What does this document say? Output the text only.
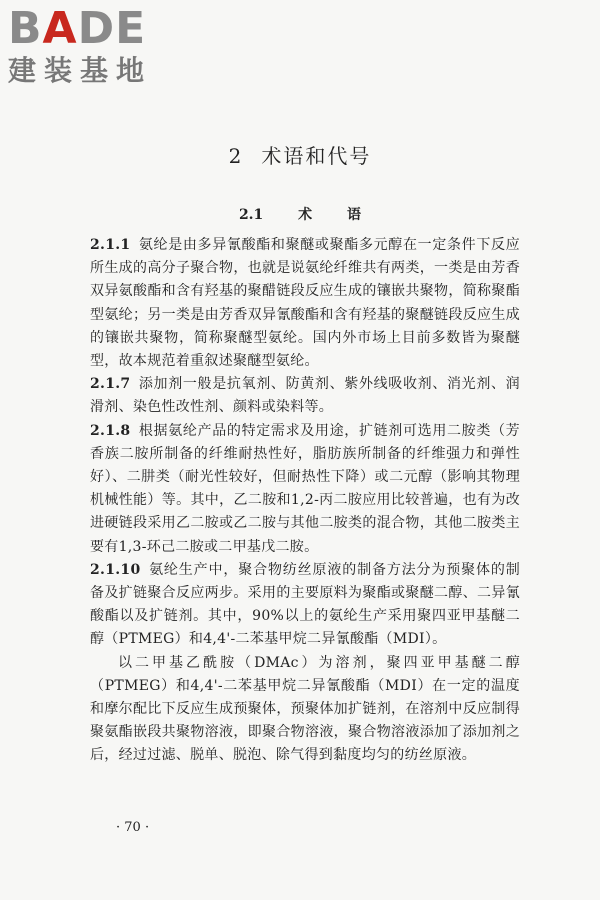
BADE
建装基地
2 术语和代号
2.1 术 语

2.1.1 氨纶是由多异氰酸酯和聚醚或聚酯多元醇在一定条件下反应所生成的高分子聚合物，也就是说氨纶纤维共有两类，一类是由芳香双异氨酸酯和含有羟基的聚醋链段反应生成的镶嵌共聚物，简称聚酯型氨纶；另一类是由芳香双异氰酸酯和含有羟基的聚醚链段反应生成的镶嵌共聚物，简称聚醚型氨纶。国内外市场上目前多数皆为聚醚型，故本规范着重叙述聚醚型氨纶。

2.1.7 添加剂一般是抗氧剂、防黄剂、紫外线吸收剂、消光剂、润滑剂、染色性改性剂、颜料或染料等。

2.1.8 根据氨纶产品的特定需求及用途，扩链剂可选用二胺类（芳香族二胺所制备的纤维耐热性好，脂肪族所制备的纤维强力和弹性好）、二肼类（耐光性较好，但耐热性下降）或二元醇（影响其物理机械性能）等。其中，乙二胺和1,2-丙二胺应用比较普遍，也有为改进硬链段采用乙二胺或乙二胺与其他二胺类的混合物，其他二胺类主要有1,3-环己二胺或二甲基戊二胺。

2.1.10 氨纶生产中，聚合物纺丝原液的制备方法分为预聚体的制备及扩链聚合反应两步。采用的主要原料为聚酯或聚醚二醇、二异氰酸酯以及扩链剂。其中，90%以上的氨纶生产采用聚四亚甲基醚二醇（PTMEG）和4,4'-二苯基甲烷二异氰酸酯（MDI）。

以二甲基乙酰胺（DMAc）为溶剂，聚四亚甲基醚二醇（PTMEG）和4,4'-二苯基甲烷二异氰酸酯（MDI）在一定的温度和摩尔配比下反应生成预聚体，预聚体加扩链剂，在溶剂中反应制得聚氨酯嵌段共聚物溶液，即聚合物溶液，聚合物溶液添加了添加剂之后，经过过滤、脱单、脱泡、除气得到黏度均匀的纺丝原液。

· 70 ·
